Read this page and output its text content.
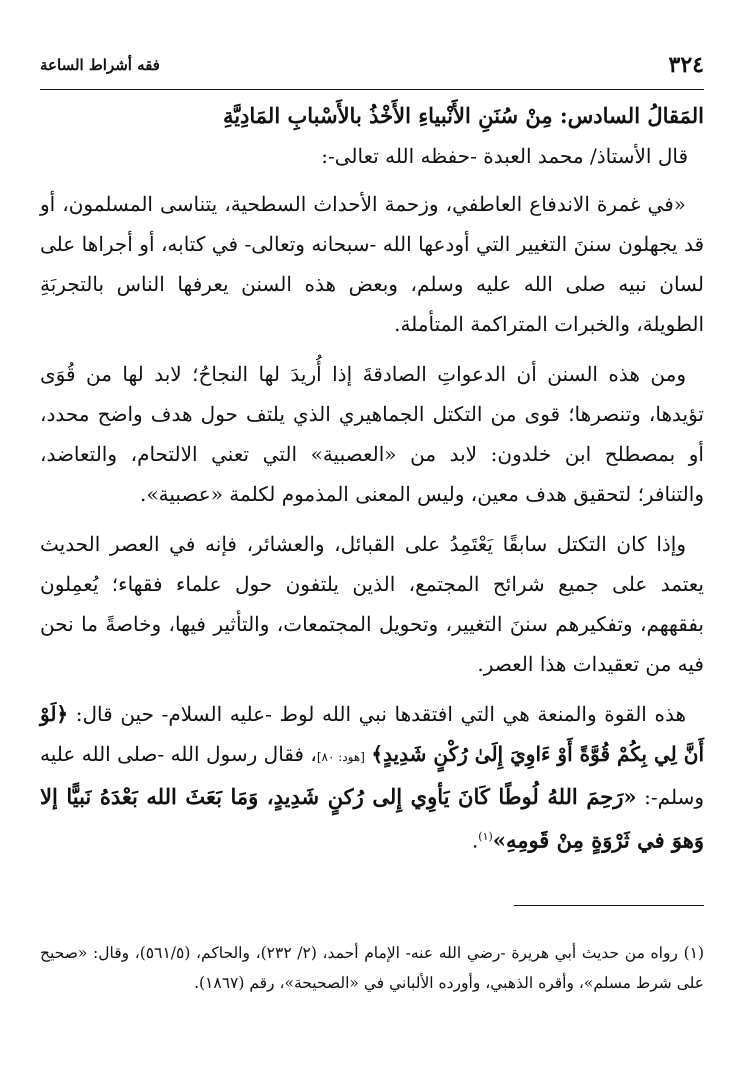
٣٢٤
فقه أشراط الساعة

المَقالُ السادس: مِنْ سُنَنِ الأَنْبياءِ الأَخْذُ بالأَسْبابِ المَادِيَّةِ

قال الأستاذ/ محمد العبدة -حفظه الله تعالى-:

«في غمرة الاندفاع العاطفي، وزحمة الأحداث السطحية، يتناسى المسلمون، أو قد يجهلون سننَ التغيير التي أودعها الله -سبحانه وتعالى- في كتابه، أو أجراها على لسان نبيه صلى الله عليه وسلم، وبعض هذه السنن يعرفها الناس بالتجربَةِ الطويلة، والخبرات المتراكمة المتأملة.

ومن هذه السنن أن الدعواتِ الصادقةَ إذا أُريدَ لها النجاحُ؛ لابد لها من قُوَى تؤيدها، وتنصرها؛ قوى من التكتل الجماهيري الذي يلتف حول هدف واضح محدد، أو بمصطلح ابن خلدون: لابد من «العصبية» التي تعني الالتحام، والتعاضد، والتنافر؛ لتحقيق هدف معين، وليس المعنى المذموم لكلمة «عصبية».

وإذا كان التكتل سابقًا يَعْتَمِدُ على القبائل، والعشائر، فإنه في العصر الحديث يعتمد على جميع شرائح المجتمع، الذين يلتفون حول علماء فقهاء؛ يُعمِلون بفقههم، وتفكيرهم سننَ التغيير، وتحويل المجتمعات، والتأثير فيها، وخاصةً ما نحن فيه من تعقيدات هذا العصر.

هذه القوة والمنعة هي التي افتقدها نبي الله لوط -عليه السلام- حين قال: ﴿لَوْ أَنَّ لِي بِكُمْ قُوَّةً أَوْ ءَاوِيَ إِلَىٰ رُكْنٍ شَدِيدٍ﴾ [هود: ٨٠]، فقال رسول الله -صلى الله عليه وسلم-: «رَحِمَ اللهُ لُوطًا كَانَ يَأوِي إِلى رُكنٍ شَدِيدٍ، وَمَا بَعَثَ الله بَعْدَهُ نَبيًّا إلا وَهوَ في ثَرْوَةٍ مِنْ قَومِهِ»$^{(١)}$.

(١) رواه من حديث أبي هريرة -رضي الله عنه- الإمام أحمد، (٢/ ٢٣٢)، والحاكم، (٥٦١/٥)، وقال: «صحيح على شرط مسلم»، وأقره الذهبي، وأورده الألباني في «الصحيحة»، رقم (١٨٦٧).
